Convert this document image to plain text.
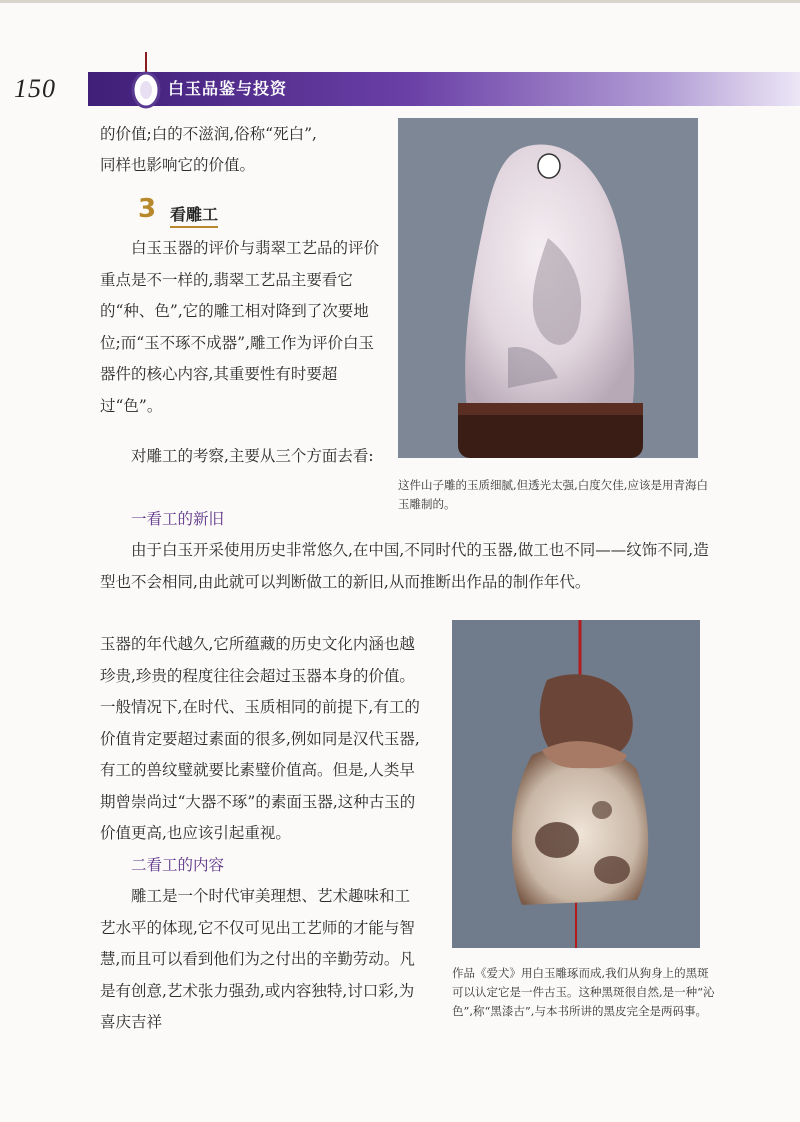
150	白玉品鉴与投资

的价值;白的不滋润,俗称“死白”,

同样也影响它的价值。

3 看雕工

白玉玉器的评价与翡翠工艺品的评价重点是不一样的,翡翠工艺品主要看它的“种、色”,它的雕工相对降到了次要地位;而“玉不琢不成器”,雕工作为评价白玉器件的核心内容,其重要性有时要超过“色”。

对雕工的考察,主要从三个方面去看:

一看工的新旧

由于白玉开采使用历史非常悠久,在中国,不同时代的玉器,做工也不同——纹饰不同,造型也不会相同,由此就可以判断做工的新旧,从而推断出作品的制作年代。

玉器的年代越久,它所蕴藏的历史文化内涵也越珍贵,珍贵的程度往往会超过玉器本身的价值。一般情况下,在时代、玉质相同的前提下,有工的价值肯定要超过素面的很多,例如同是汉代玉器,有工的兽纹璧就要比素璧价值高。但是,人类早期曾崇尚过“大器不琢”的素面玉器,这种古玉的价值更高,也应该引起重视。

二看工的内容

雕工是一个时代审美理想、艺术趣味和工艺水平的体现,它不仅可见出工艺师的才能与智慧,而且可以看到他们为之付出的辛勤劳动。凡是有创意,艺术张力强劲,或内容独特,讨口彩,为喜庆吉祥

这件山子雕的玉质细腻,但透光太强,白度欠佳,应该是用青海白玉雕制的。

作品《爱犬》用白玉雕琢而成,我们从狗身上的黑斑可以认定它是一件古玉。这种黑斑很自然,是一种“沁色”,称“黑漆古”,与本书所讲的黑皮完全是两码事。
